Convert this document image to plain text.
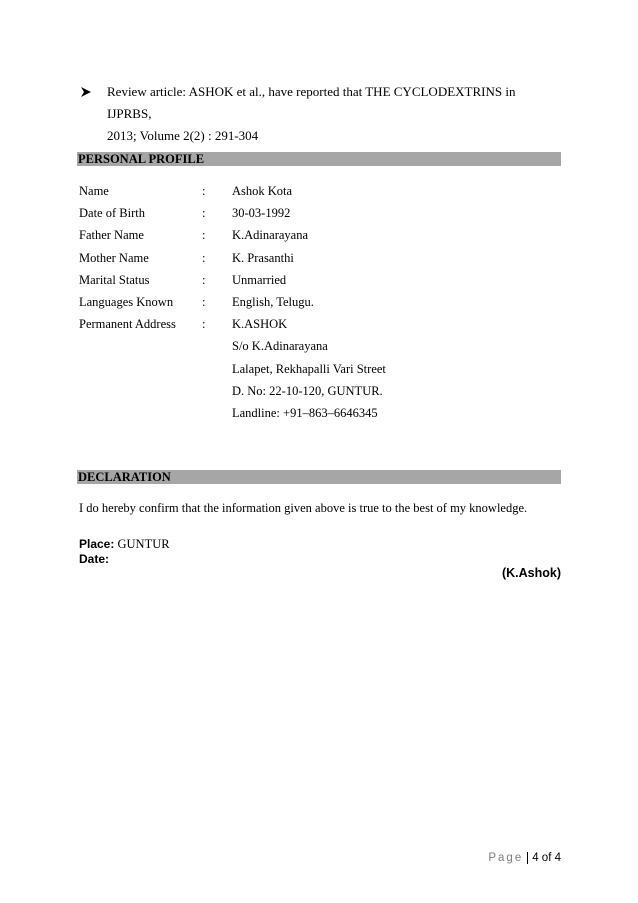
Review article: ASHOK et al., have reported that THE CYCLODEXTRINS in IJPRBS,
2013; Volume 2(2) : 291-304
PERSONAL PROFILE
Name	: Ashok Kota
Date of Birth	: 30-03-1992
Father Name	: K.Adinarayana
Mother Name	: K. Prasanthi
Marital Status	: Unmarried
Languages Known : English, Telugu.
Permanent Address : K.ASHOK
S/o K.Adinarayana
Lalapet, Rekhapalli Vari Street
D. No: 22-10-120, GUNTUR.
Landline: +91–863–6646345
DECLARATION
I do hereby confirm that the information given above is true to the best of my knowledge.
Place: GUNTUR
Date:
(K.Ashok)
Page 4 of 4
